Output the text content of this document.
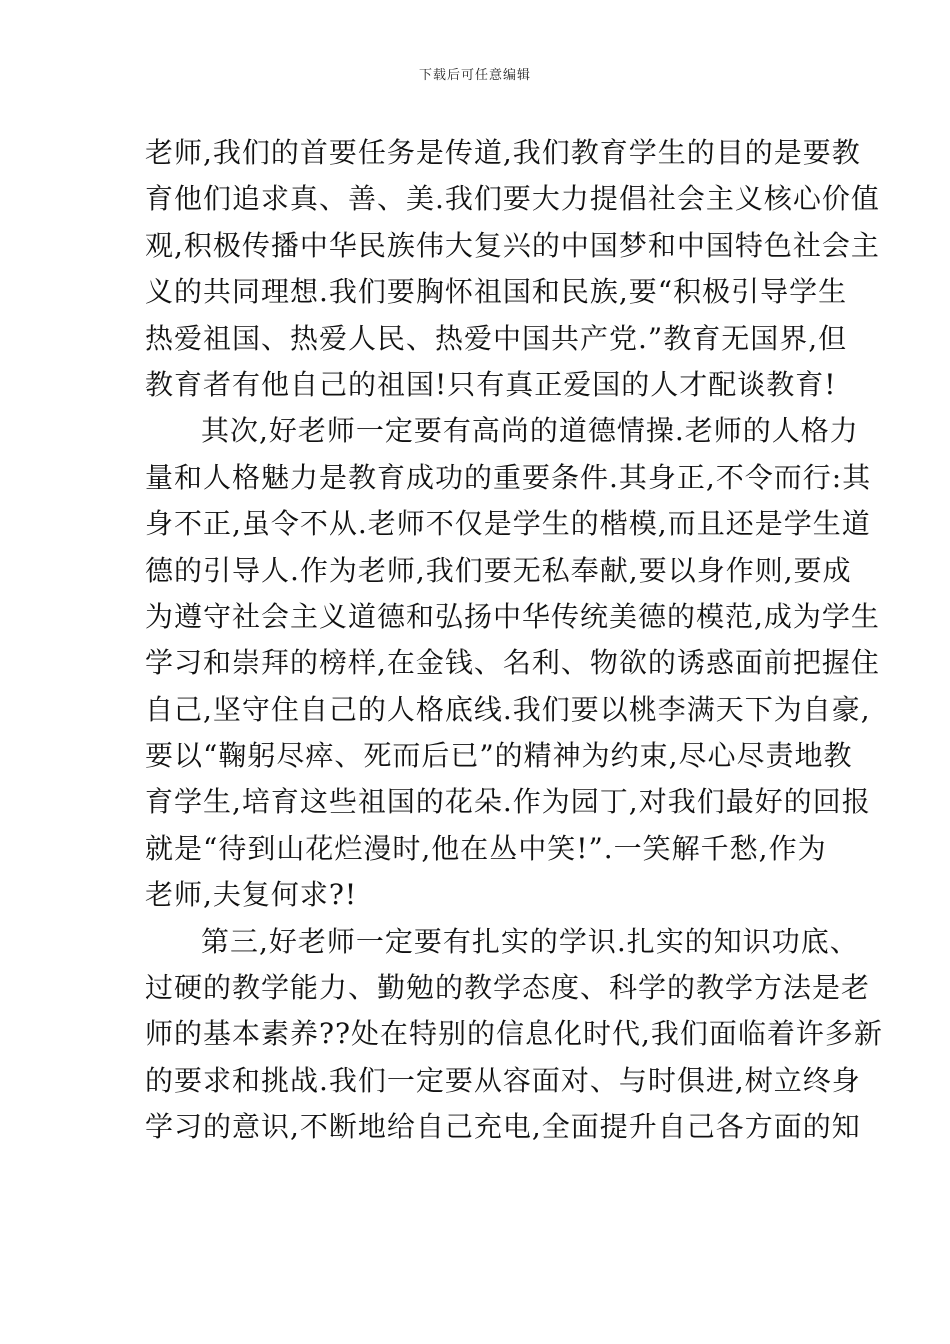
下载后可任意编辑
老师,我们的首要任务是传道,我们教育学生的目的是要教
育他们追求真、善、美.我们要大力提倡社会主义核心价值
观,积极传播中华民族伟大复兴的中国梦和中国特色社会主
义的共同理想.我们要胸怀祖国和民族,要“积极引导学生
热爱祖国、热爱人民、热爱中国共产党.”教育无国界,但
教育者有他自己的祖国!只有真正爱国的人才配谈教育!
其次,好老师一定要有高尚的道德情操.老师的人格力
量和人格魅力是教育成功的重要条件.其身正,不令而行:其
身不正,虽令不从.老师不仅是学生的楷模,而且还是学生道
德的引导人.作为老师,我们要无私奉献,要以身作则,要成
为遵守社会主义道德和弘扬中华传统美德的模范,成为学生
学习和崇拜的榜样,在金钱、名利、物欲的诱惑面前把握住
自己,坚守住自己的人格底线.我们要以桃李满天下为自豪,
要以“鞠躬尽瘁、死而后已”的精神为约束,尽心尽责地教
育学生,培育这些祖国的花朵.作为园丁,对我们最好的回报
就是“待到山花烂漫时,他在丛中笑!”.一笑解千愁,作为
老师,夫复何求?!
第三,好老师一定要有扎实的学识.扎实的知识功底、
过硬的教学能力、勤勉的教学态度、科学的教学方法是老
师的基本素养??处在特别的信息化时代,我们面临着许多新
的要求和挑战.我们一定要从容面对、与时俱进,树立终身
学习的意识,不断地给自己充电,全面提升自己各方面的知
